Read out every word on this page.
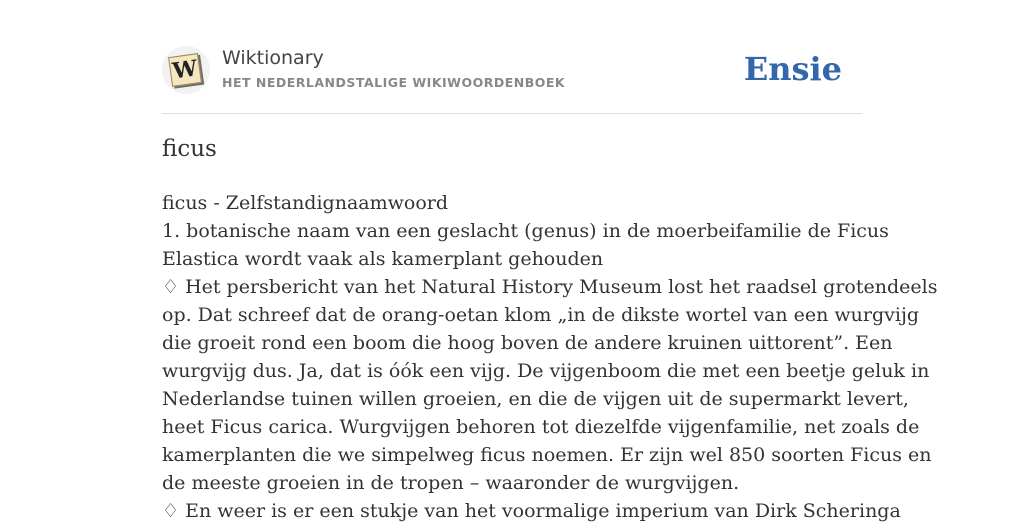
W Wiktionary
HET NEDERLANDSTALIGE WIKIWOORDENBOEK	Ensie
ficus

ficus - Zelfstandignaamwoord

1. botanische naam van een geslacht (genus) in de moerbeifamilie de Ficus

Elastica wordt vaak als kamerplant gehouden

♢ Het persbericht van het Natural History Museum lost het raadsel grotendeels

op. Dat schreef dat de orang-oetan klom „in de dikste wortel van een wurgvijg

die groeit rond een boom die hoog boven de andere kruinen uittorent”. Een

wurgvijg dus. Ja, dat is óók een vijg. De vijgenboom die met een beetje geluk in

Nederlandse tuinen willen groeien, en die de vijgen uit de supermarkt levert,

heet Ficus carica. Wurgvijgen behoren tot diezelfde vijgenfamilie, net zoals de

kamerplanten die we simpelweg ficus noemen. Er zijn wel 850 soorten Ficus en

de meeste groeien in de tropen – waaronder de wurgvijgen.

♢ En weer is er een stukje van het voormalige imperium van Dirk Scheringa
